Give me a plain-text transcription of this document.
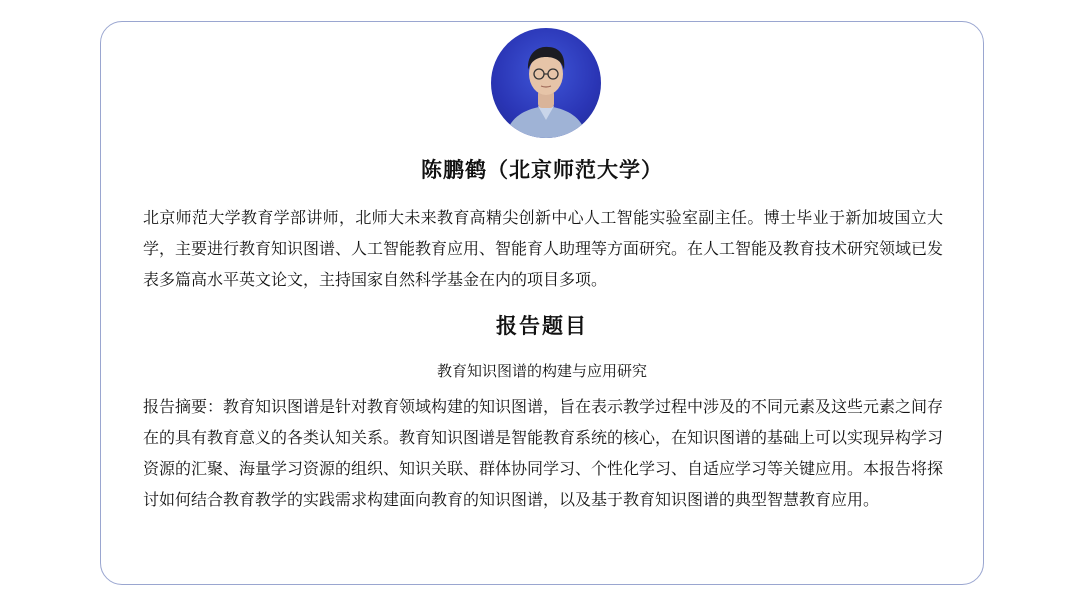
陈鹏鹤（北京师范大学）
北京师范大学教育学部讲师，北师大未来教育高精尖创新中心人工智能实验室副主任。博士毕业于新加坡国立大学，主要进行教育知识图谱、人工智能教育应用、智能育人助理等方面研究。在人工智能及教育技术研究领域已发表多篇高水平英文论文，主持国家自然科学基金在内的项目多项。
报告题目
教育知识图谱的构建与应用研究
报告摘要：教育知识图谱是针对教育领域构建的知识图谱，旨在表示教学过程中涉及的不同元素及这些元素之间存在的具有教育意义的各类认知关系。教育知识图谱是智能教育系统的核心，在知识图谱的基础上可以实现异构学习资源的汇聚、海量学习资源的组织、知识关联、群体协同学习、个性化学习、自适应学习等关键应用。本报告将探讨如何结合教育教学的实践需求构建面向教育的知识图谱，以及基于教育知识图谱的典型智慧教育应用。
